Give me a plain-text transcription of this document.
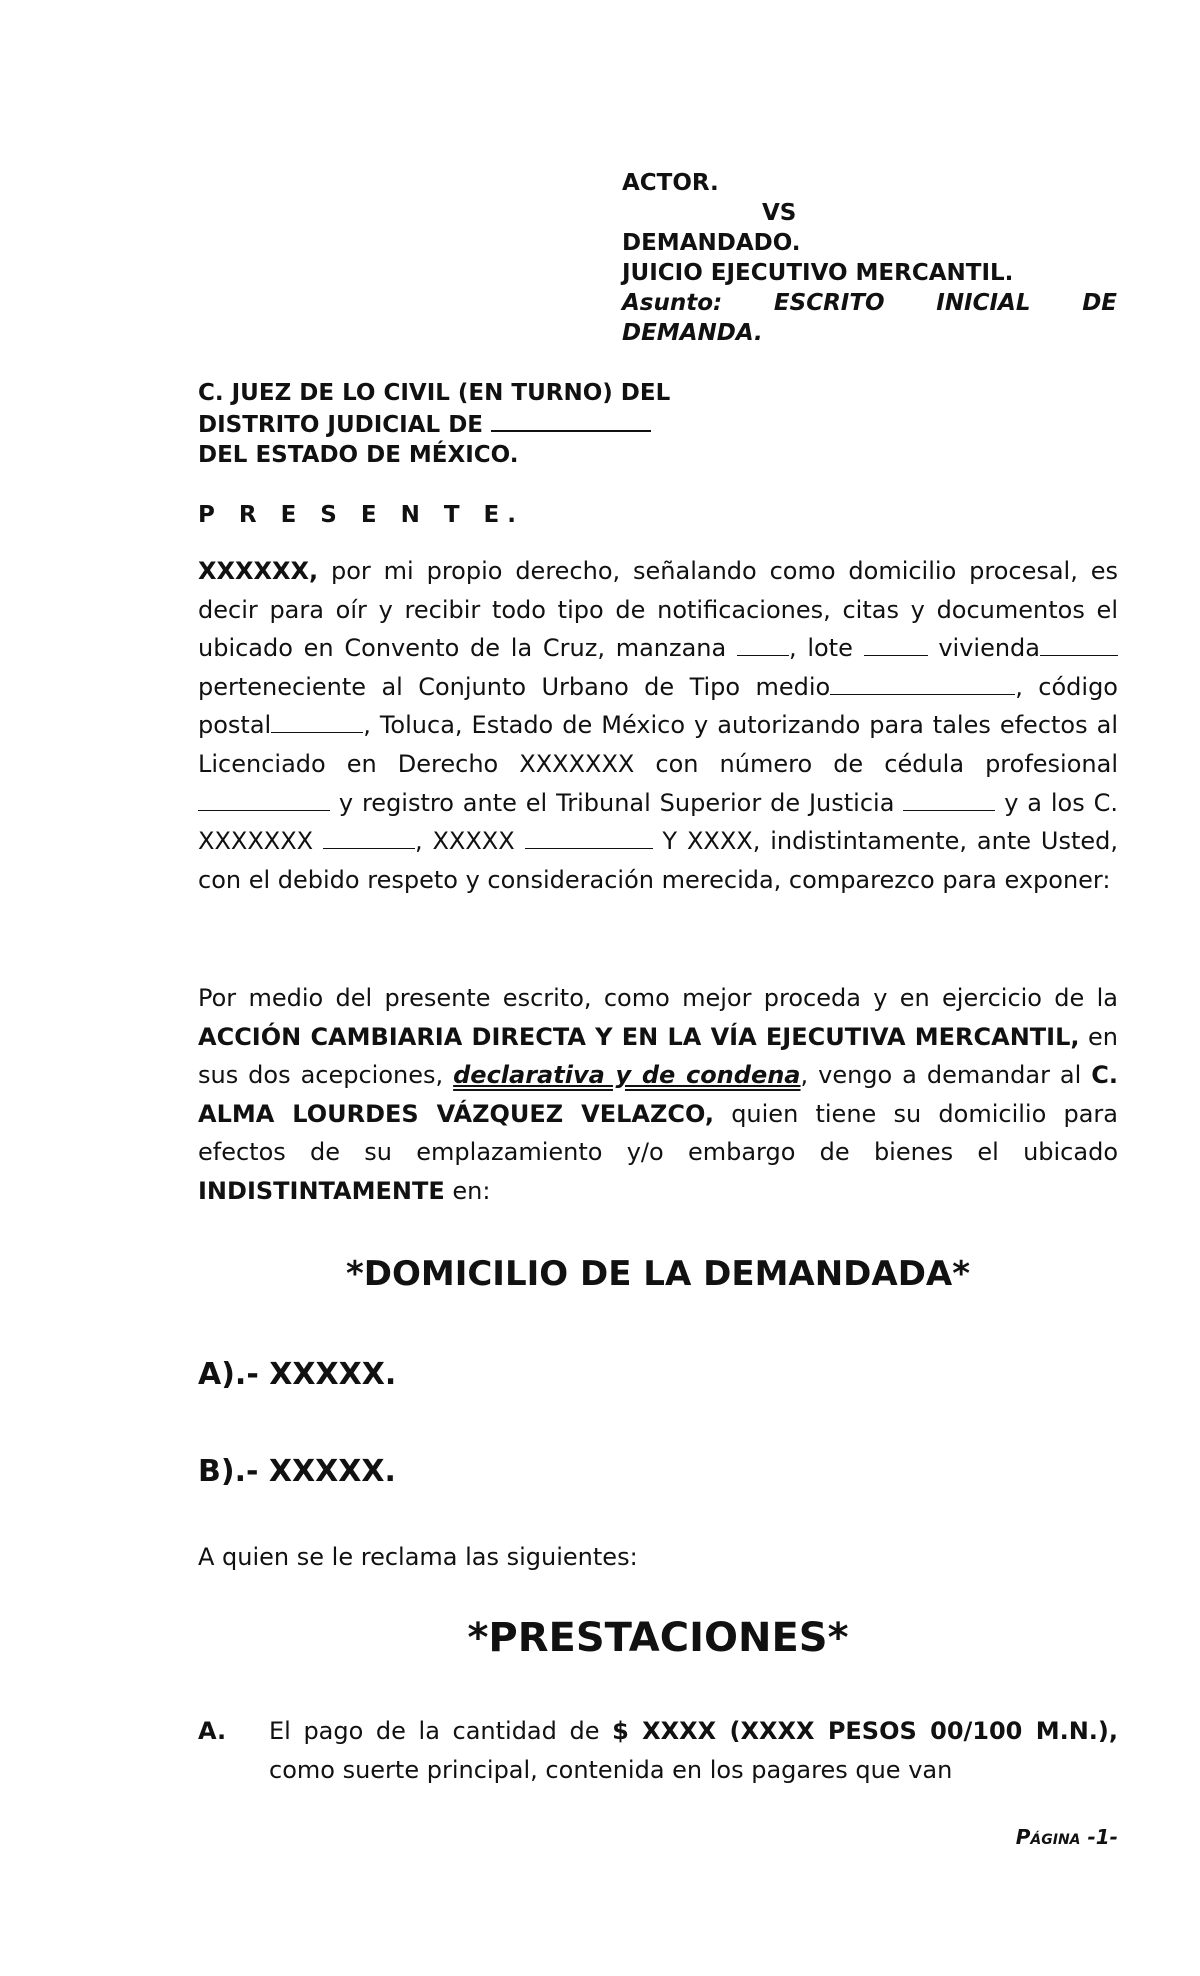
ACTOR.
VS
DEMANDADO.
JUICIO EJECUTIVO MERCANTIL.
Asunto: ESCRITO INICIAL DE
DEMANDA.
C. JUEZ DE LO CIVIL (EN TURNO) DEL
DISTRITO JUDICIAL DE
DEL ESTADO DE MÉXICO.
P R E S E N T E.
XXXXXX, por mi propio derecho, señalando como domicilio procesal, es decir para oír y recibir todo tipo de notificaciones, citas y documentos el ubicado en Convento de la Cruz, manzana , lote	vivienda perteneciente al Conjunto Urbano de Tipo medio	, código postal	, Toluca, Estado de México y autorizando para tales efectos al Licenciado en Derecho XXXXXXX con número de cédula profesional  y registro ante el Tribunal Superior de Justicia	y a los C. XXXXXXX	, XXXXX	Y XXXX, indistintamente, ante Usted, con el debido respeto y consideración merecida, comparezco para exponer:
Por medio del presente escrito, como mejor proceda y en ejercicio de la ACCIÓN CAMBIARIA DIRECTA Y EN LA VÍA EJECUTIVA MERCANTIL, en sus dos acepciones, declarativa y de condena, vengo a demandar al C. ALMA LOURDES VÁZQUEZ VELAZCO, quien tiene su domicilio para efectos de su emplazamiento y/o embargo de bienes el ubicado INDISTINTAMENTE en:
*DOMICILIO DE LA DEMANDADA*
A).- XXXXX.
B).- XXXXX.
A quien se le reclama las siguientes:
*PRESTACIONES*
A.	El pago de la cantidad de $ XXXX (XXXX PESOS 00/100 M.N.), como suerte principal, contenida en los pagares que van
Página -1-
